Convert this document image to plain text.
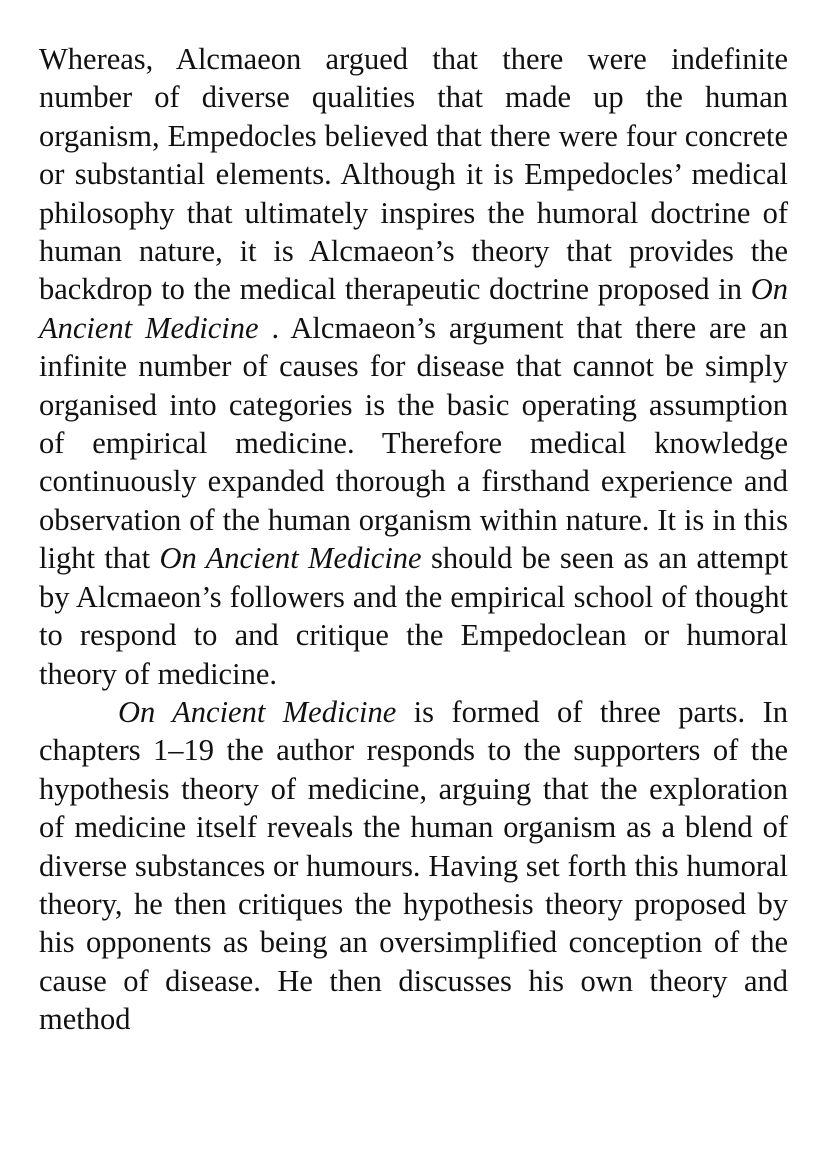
Whereas, Alcmaeon argued that there were indefinite number of diverse qualities that made up the human organism, Empedocles believed that there were four concrete or substantial elements. Although it is Empedocles’ medical philosophy that ultimately inspires the humoral doctrine of human nature, it is Alcmaeon’s theory that provides the backdrop to the medical therapeutic doctrine proposed in On Ancient Medicine . Alcmaeon’s argument that there are an infinite number of causes for disease that cannot be simply organised into categories is the basic operating assumption of empirical medicine. Therefore medical knowledge continuously expanded thorough a firsthand experience and observation of the human organism within nature. It is in this light that On Ancient Medicine should be seen as an attempt by Alcmaeon’s followers and the empirical school of thought to respond to and critique the Empedoclean or humoral theory of medicine.

On Ancient Medicine is formed of three parts. In chapters 1–19 the author responds to the supporters of the hypothesis theory of medicine, arguing that the exploration of medicine itself reveals the human organism as a blend of diverse substances or humours. Having set forth this humoral theory, he then critiques the hypothesis theory proposed by his opponents as being an oversimplified conception of the cause of disease. He then discusses his own theory and method
